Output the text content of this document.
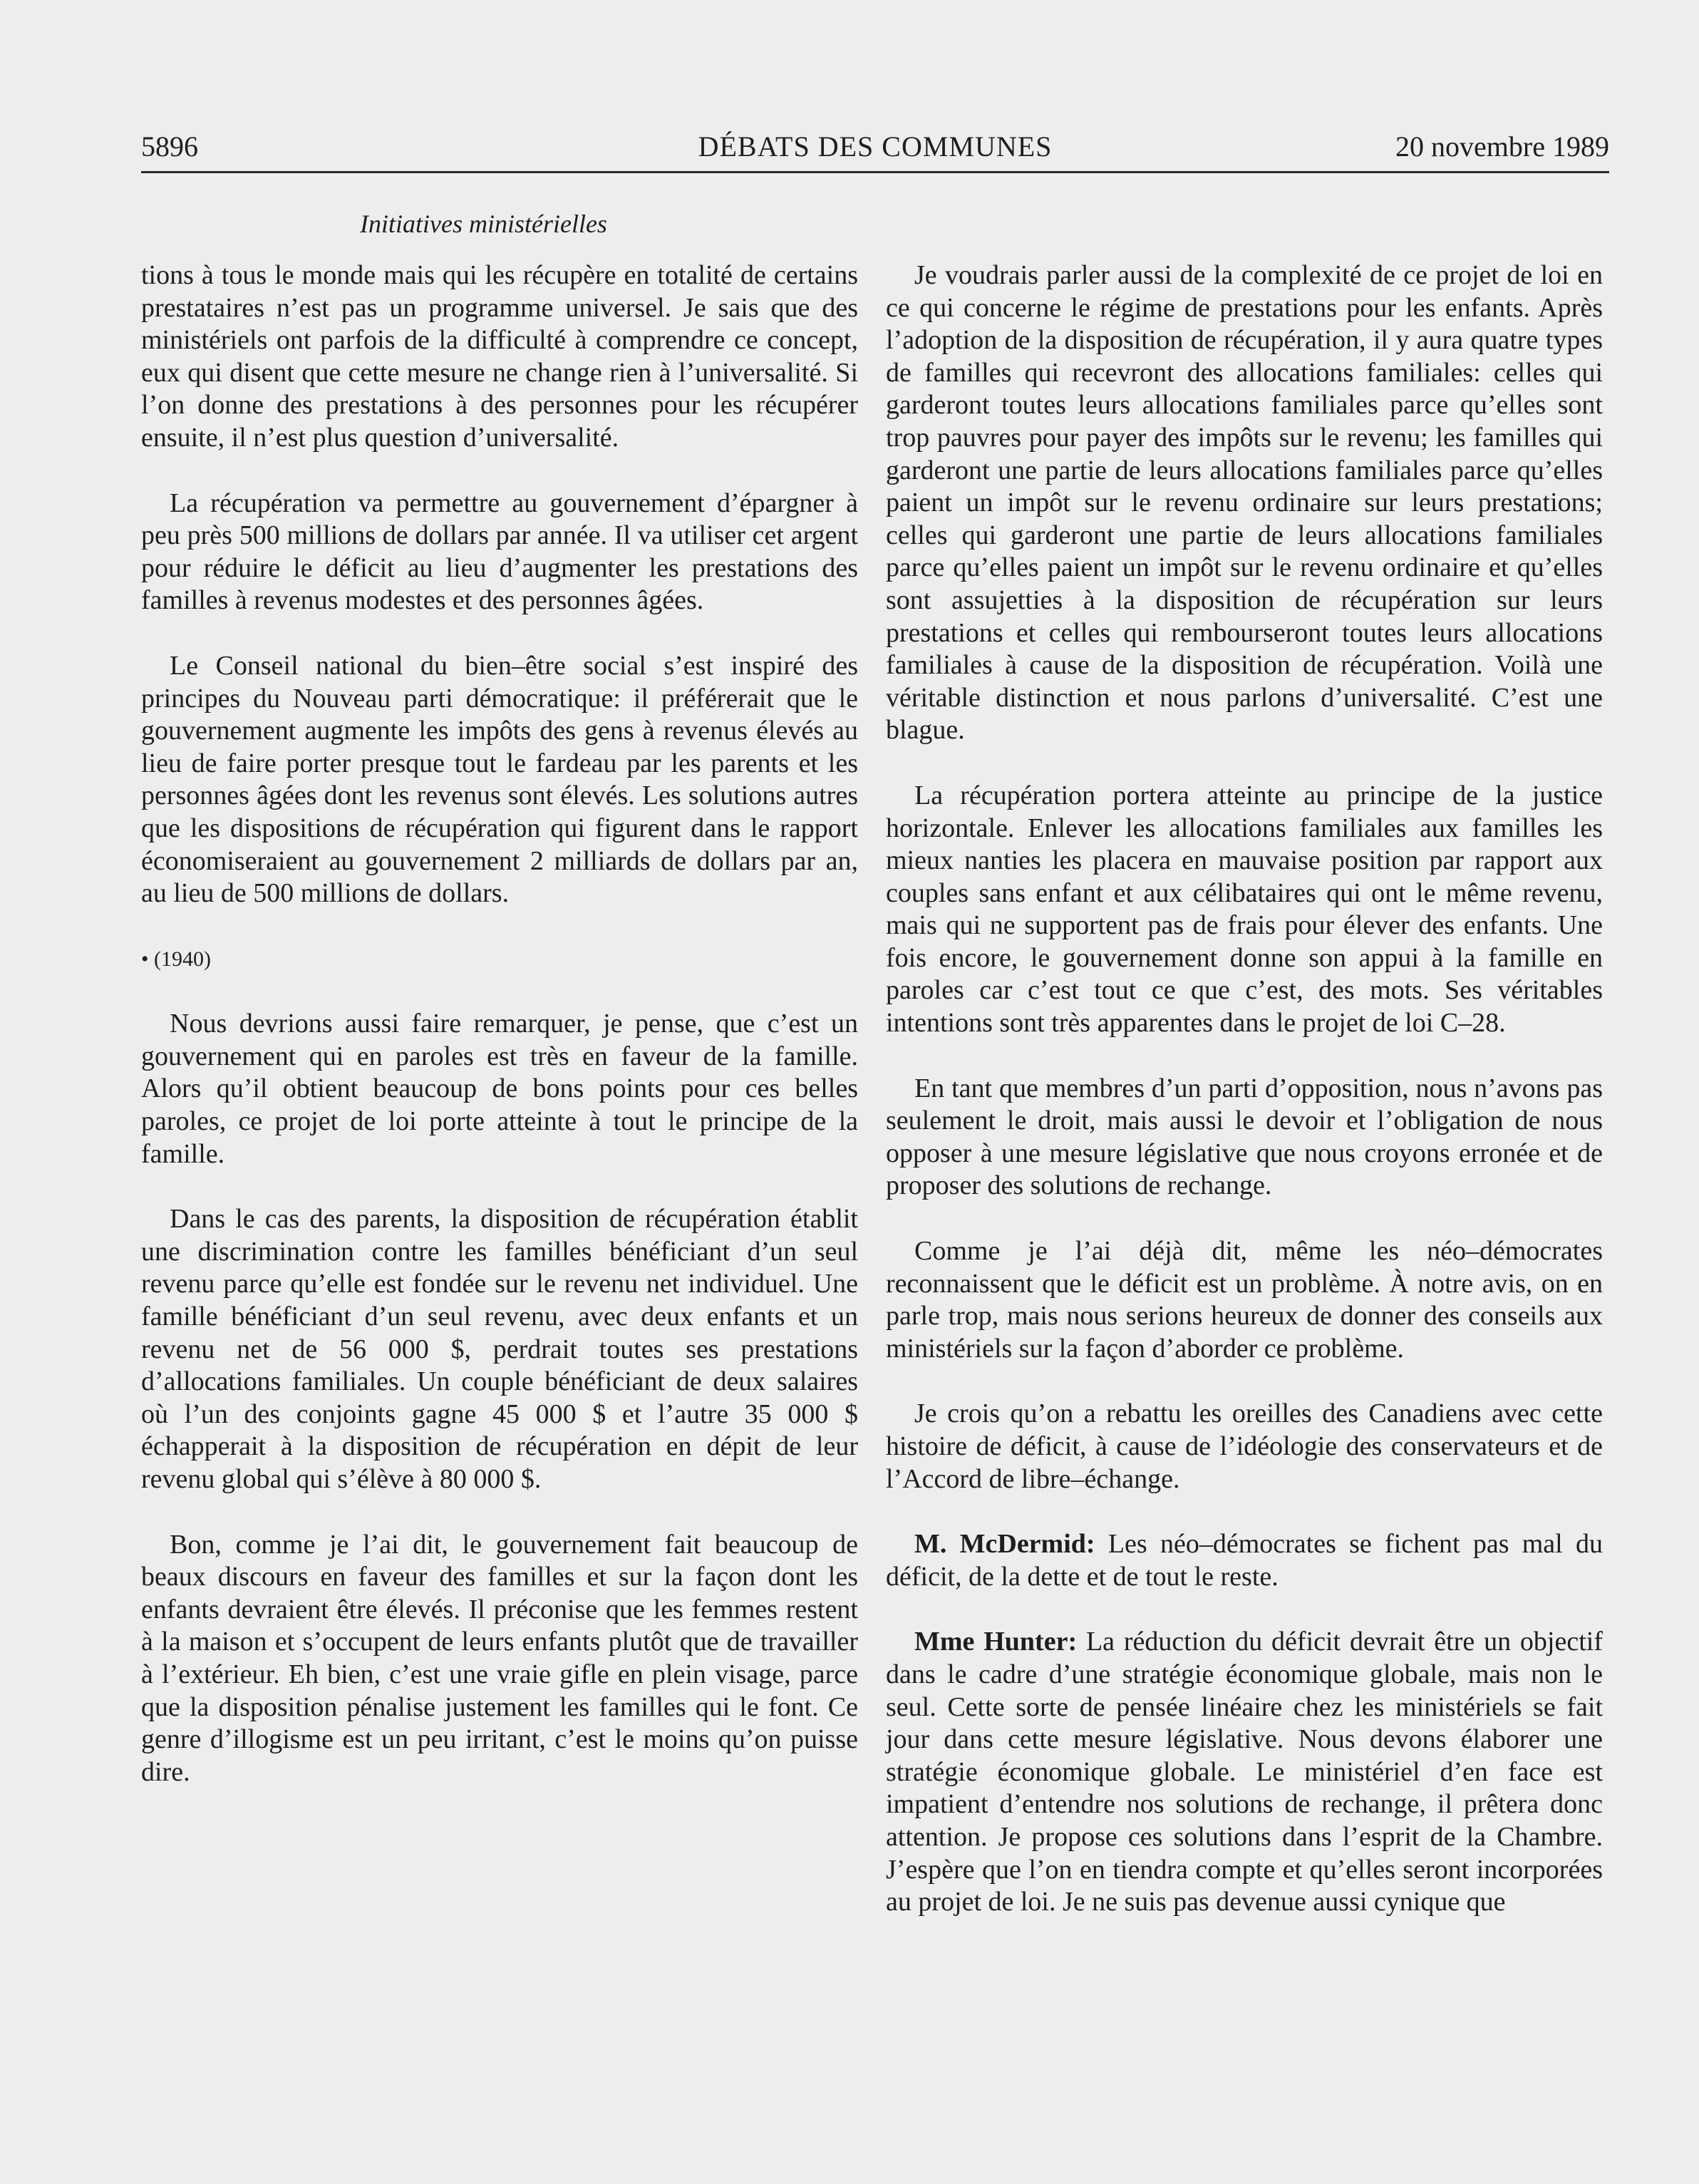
5896	DÉBATS DES COMMUNES	20 novembre 1989
Initiatives ministérielles

tions à tous le monde mais qui les récupère en totalité de certains prestataires n’est pas un programme universel. Je sais que des ministériels ont parfois de la difficulté à comprendre ce concept, eux qui disent que cette mesure ne change rien à l’universalité. Si l’on donne des prestations à des personnes pour les récupérer ensuite, il n’est plus question d’universalité.

La récupération va permettre au gouvernement d’épargner à peu près 500 millions de dollars par année. Il va utiliser cet argent pour réduire le déficit au lieu d’augmenter les prestations des familles à revenus modestes et des personnes âgées.

Le Conseil national du bien–être social s’est inspiré des principes du Nouveau parti démocratique: il préférerait que le gouvernement augmente les impôts des gens à revenus élevés au lieu de faire porter presque tout le fardeau par les parents et les personnes âgées dont les revenus sont élevés. Les solutions autres que les dispositions de récupération qui figurent dans le rapport économiseraient au gouvernement 2 milliards de dollars par an, au lieu de 500 millions de dollars.

• (1940)

Nous devrions aussi faire remarquer, je pense, que c’est un gouvernement qui en paroles est très en faveur de la famille. Alors qu’il obtient beaucoup de bons points pour ces belles paroles, ce projet de loi porte atteinte à tout le principe de la famille.

Dans le cas des parents, la disposition de récupération établit une discrimination contre les familles bénéficiant d’un seul revenu parce qu’elle est fondée sur le revenu net individuel. Une famille bénéficiant d’un seul revenu, avec deux enfants et un revenu net de 56 000 $, perdrait toutes ses prestations d’allocations familiales. Un couple bénéficiant de deux salaires où l’un des conjoints gagne 45 000 $ et l’autre 35 000 $ échapperait à la disposition de récupération en dépit de leur revenu global qui s’élève à 80 000 $.

Bon, comme je l’ai dit, le gouvernement fait beaucoup de beaux discours en faveur des familles et sur la façon dont les enfants devraient être élevés. Il préconise que les femmes restent à la maison et s’occupent de leurs enfants plutôt que de travailler à l’extérieur. Eh bien, c’est une vraie gifle en plein visage, parce que la disposition pénalise justement les familles qui le font. Ce genre d’illogisme est un peu irritant, c’est le moins qu’on puisse dire.

Je voudrais parler aussi de la complexité de ce projet de loi en ce qui concerne le régime de prestations pour les enfants. Après l’adoption de la disposition de récupération, il y aura quatre types de familles qui recevront des allocations familiales: celles qui garderont toutes leurs allocations familiales parce qu’elles sont trop pauvres pour payer des impôts sur le revenu; les familles qui garderont une partie de leurs allocations familiales parce qu’elles paient un impôt sur le revenu ordinaire sur leurs prestations; celles qui garderont une partie de leurs allocations familiales parce qu’elles paient un impôt sur le revenu ordinaire et qu’elles sont assujetties à la disposition de récupération sur leurs prestations et celles qui rembourseront toutes leurs allocations familiales à cause de la disposition de récupération. Voilà une véritable distinction et nous parlons d’universalité. C’est une blague.

La récupération portera atteinte au principe de la justice horizontale. Enlever les allocations familiales aux familles les mieux nanties les placera en mauvaise position par rapport aux couples sans enfant et aux célibataires qui ont le même revenu, mais qui ne supportent pas de frais pour élever des enfants. Une fois encore, le gouvernement donne son appui à la famille en paroles car c’est tout ce que c’est, des mots. Ses véritables intentions sont très apparentes dans le projet de loi C–28.

En tant que membres d’un parti d’opposition, nous n’avons pas seulement le droit, mais aussi le devoir et l’obligation de nous opposer à une mesure législative que nous croyons erronée et de proposer des solutions de rechange.

Comme je l’ai déjà dit, même les néo–démocrates reconnaissent que le déficit est un problème. À notre avis, on en parle trop, mais nous serions heureux de donner des conseils aux ministériels sur la façon d’aborder ce problème.

Je crois qu’on a rebattu les oreilles des Canadiens avec cette histoire de déficit, à cause de l’idéologie des conservateurs et de l’Accord de libre–échange.

M. McDermid: Les néo–démocrates se fichent pas mal du déficit, de la dette et de tout le reste.

Mme Hunter: La réduction du déficit devrait être un objectif dans le cadre d’une stratégie économique globale, mais non le seul. Cette sorte de pensée linéaire chez les ministériels se fait jour dans cette mesure législative. Nous devons élaborer une stratégie économique globale. Le ministériel d’en face est impatient d’entendre nos solutions de rechange, il prêtera donc attention. Je propose ces solutions dans l’esprit de la Chambre. J’espère que l’on en tiendra compte et qu’elles seront incorporées au projet de loi. Je ne suis pas devenue aussi cynique que
